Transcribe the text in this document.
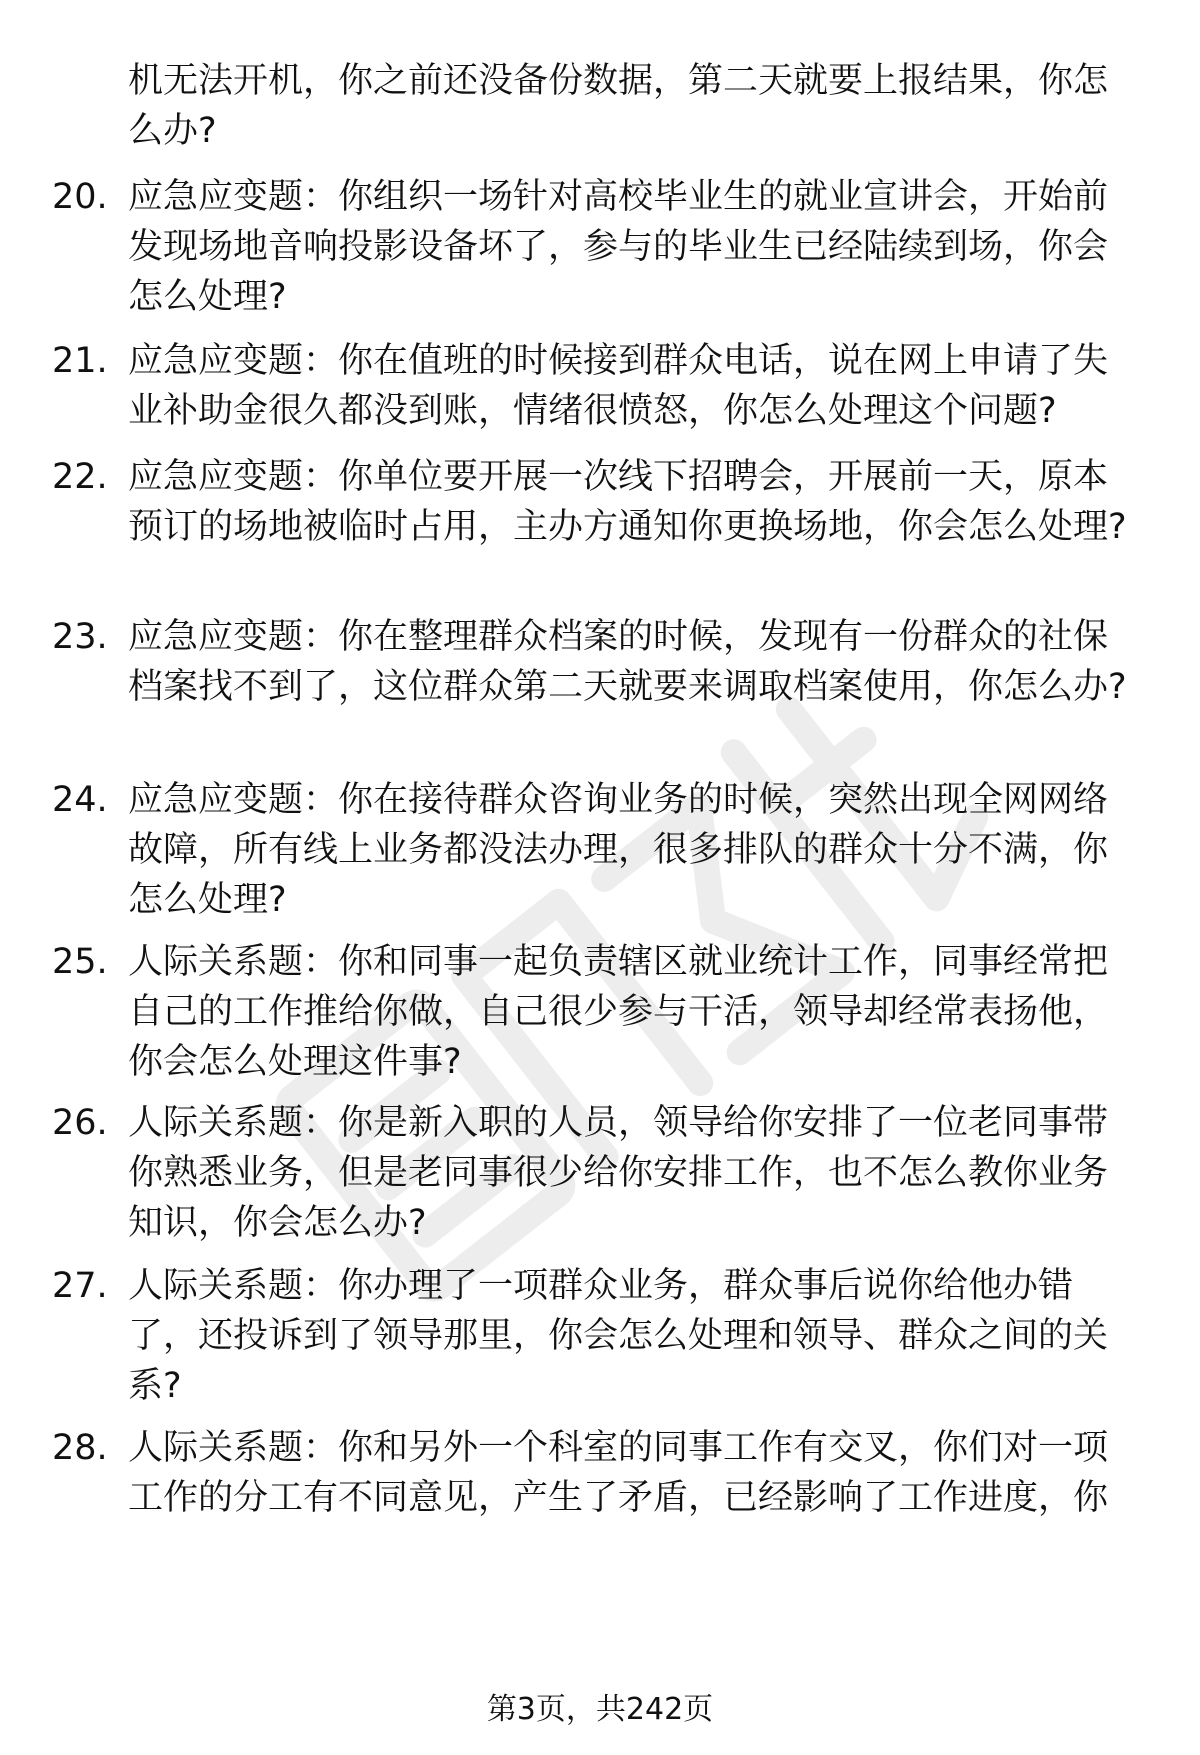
机无法开机，你之前还没备份数据，第二天就要上报结果，你怎么办?

20. 应急应变题：你组织一场针对高校毕业生的就业宣讲会，开始前发现场地音响投影设备坏了，参与的毕业生已经陆续到场，你会怎么处理?

21. 应急应变题：你在值班的时候接到群众电话，说在网上申请了失业补助金很久都没到账，情绪很愤怒，你怎么处理这个问题?

22. 应急应变题：你单位要开展一次线下招聘会，开展前一天，原本预订的场地被临时占用，主办方通知你更换场地，你会怎么处理?

23. 应急应变题：你在整理群众档案的时候，发现有一份群众的社保档案找不到了，这位群众第二天就要来调取档案使用，你怎么办?

24. 应急应变题：你在接待群众咨询业务的时候，突然出现全网网络故障，所有线上业务都没法办理，很多排队的群众十分不满，你怎么处理?

25. 人际关系题：你和同事一起负责辖区就业统计工作，同事经常把自己的工作推给你做，自己很少参与干活，领导却经常表扬他，你会怎么处理这件事?

26. 人际关系题：你是新入职的人员，领导给你安排了一位老同事带你熟悉业务，但是老同事很少给你安排工作，也不怎么教你业务知识，你会怎么办?

27. 人际关系题：你办理了一项群众业务，群众事后说你给他办错了，还投诉到了领导那里，你会怎么处理和领导、群众之间的关系?

28. 人际关系题：你和另外一个科室的同事工作有交叉，你们对一项工作的分工有不同意见，产生了矛盾，已经影响了工作进度，你

第3页，共242页
